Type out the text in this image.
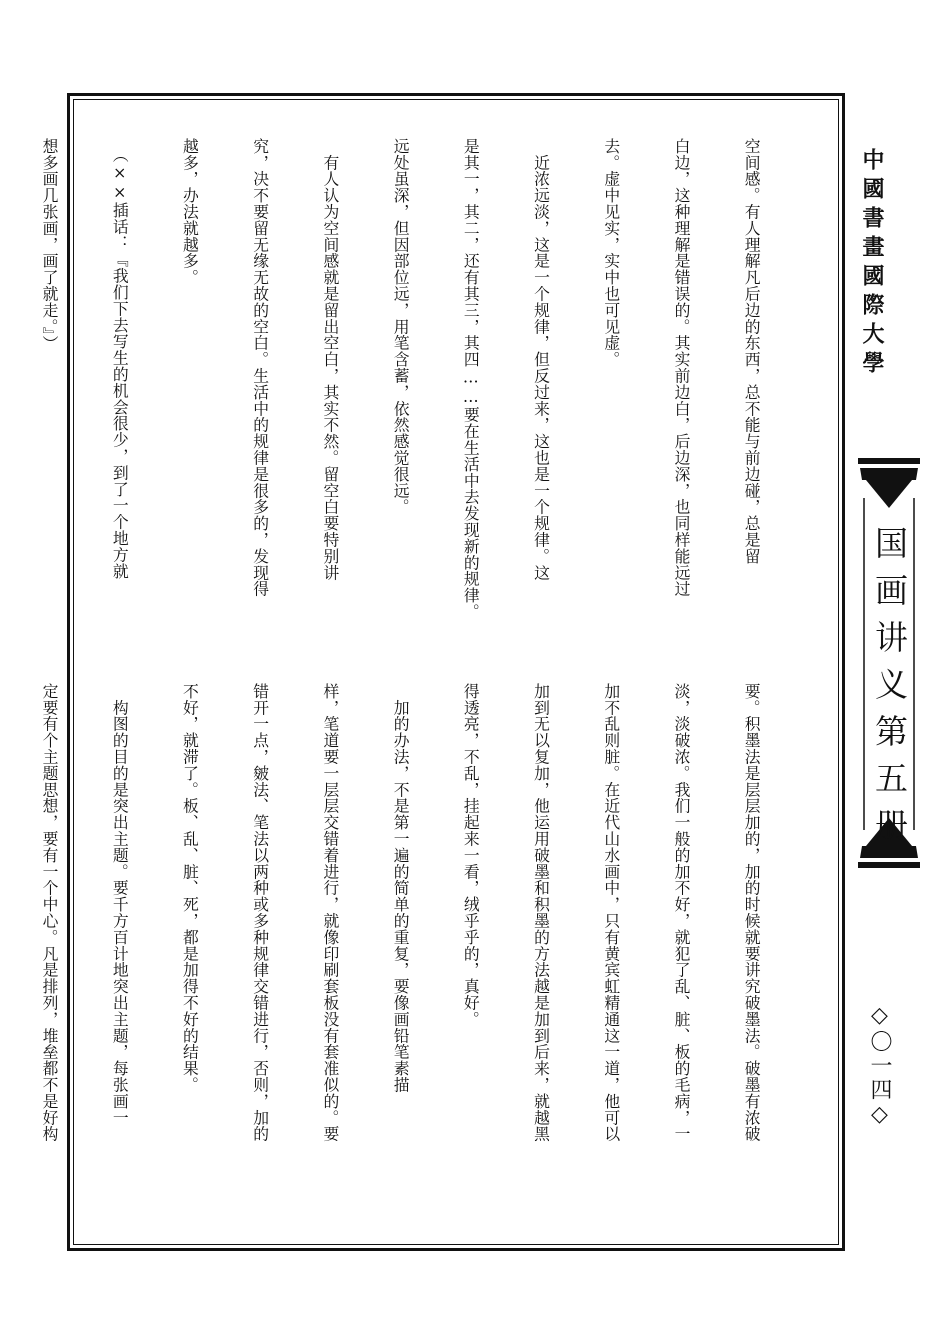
中國書畫國際大學
国画讲义第五册
◇〇一四◇

空间感。有人理解凡后边的东西，总不能与前边碰，总是留

白边，这种理解是错误的。其实前边白，后边深，也同样能远过

去。虚中见实，实中也可见虚。

　近浓远淡，这是一个规律，但反过来，这也是一个规律。这

是其一，其二，还有其三，其四……要在生活中去发现新的规律。

远处虽深，但因部位远，用笔含蓄，依然感觉很远。

　有人认为空间感就是留出空白，其实不然。留空白要特别讲

究，决不要留无缘无故的空白。生活中的规律是很多的，发现得

越多，办法就越多。

　（××插话：『我们下去写生的机会很少，到了一个地方就

想多画几张画，画了就走。』）

要。积墨法是层层加的，加的时候就要讲究破墨法。破墨有浓破

淡，淡破浓。我们一般的加不好，就犯了乱、脏、板的毛病，一

加不乱则脏。在近代山水画中，只有黄宾虹精通这一道，他可以

加到无以复加，他运用破墨和积墨的方法越是加到后来，就越黑

得透亮，不乱，挂起来一看，绒乎乎的，真好。

　加的办法，不是第一遍的简单的重复，要像画铅笔素描

样，笔道要一层层交错着进行，就像印刷套板没有套准似的。要

错开一点，皴法、笔法以两种或多种规律交错进行，否则，加的

不好，就滞了。板、乱、脏、死，都是加得不好的结果。

　构图的目的是突出主题。要千方百计地突出主题，每张画一

定要有个主题思想，要有一个中心。凡是排列，堆垒都不是好构
